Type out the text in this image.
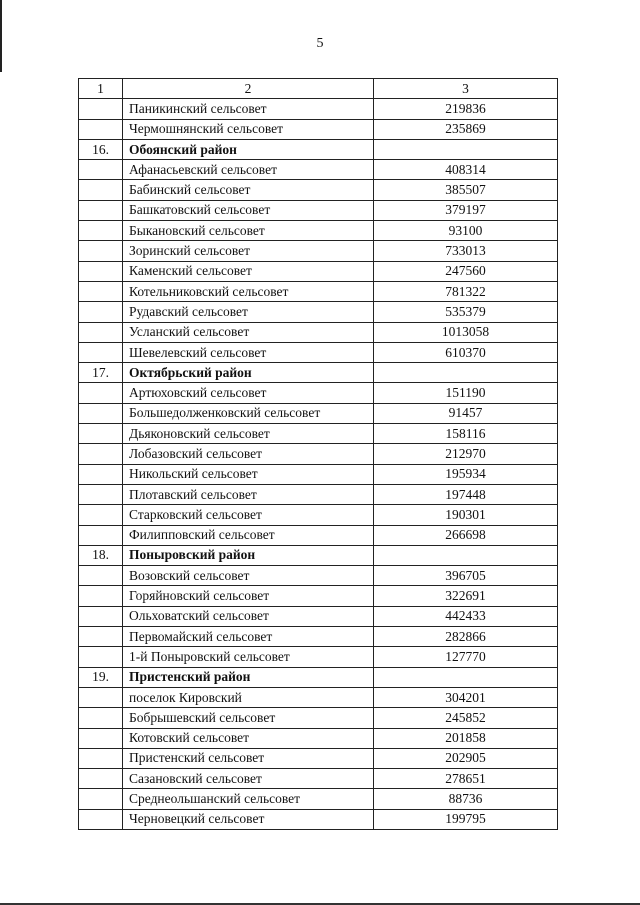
5
1	2	3
	Паникинский сельсовет	219836
	Чермошнянский сельсовет	235869
16.	Обоянский район	
	Афанасьевский сельсовет	408314
	Бабинский сельсовет	385507
	Башкатовский сельсовет	379197
	Быкановский сельсовет	93100
	Зоринский сельсовет	733013
	Каменский сельсовет	247560
	Котельниковский сельсовет	781322
	Рудавский сельсовет	535379
	Усланский сельсовет	1013058
	Шевелевский сельсовет	610370
17.	Октябрьский район	
	Артюховский сельсовет	151190
	Большедолженковский сельсовет	91457
	Дьяконовский сельсовет	158116
	Лобазовский сельсовет	212970
	Никольский сельсовет	195934
	Плотавский сельсовет	197448
	Старковский сельсовет	190301
	Филипповский сельсовет	266698
18.	Поныровский район	
	Возовский сельсовет	396705
	Горяйновский сельсовет	322691
	Ольховатский сельсовет	442433
	Первомайский сельсовет	282866
	1-й Поныровский сельсовет	127770
19.	Пристенский район	
	поселок Кировский	304201
	Бобрышевский сельсовет	245852
	Котовский сельсовет	201858
	Пристенский сельсовет	202905
	Сазановский сельсовет	278651
	Среднеольшанский сельсовет	88736
	Черновецкий сельсовет	199795
